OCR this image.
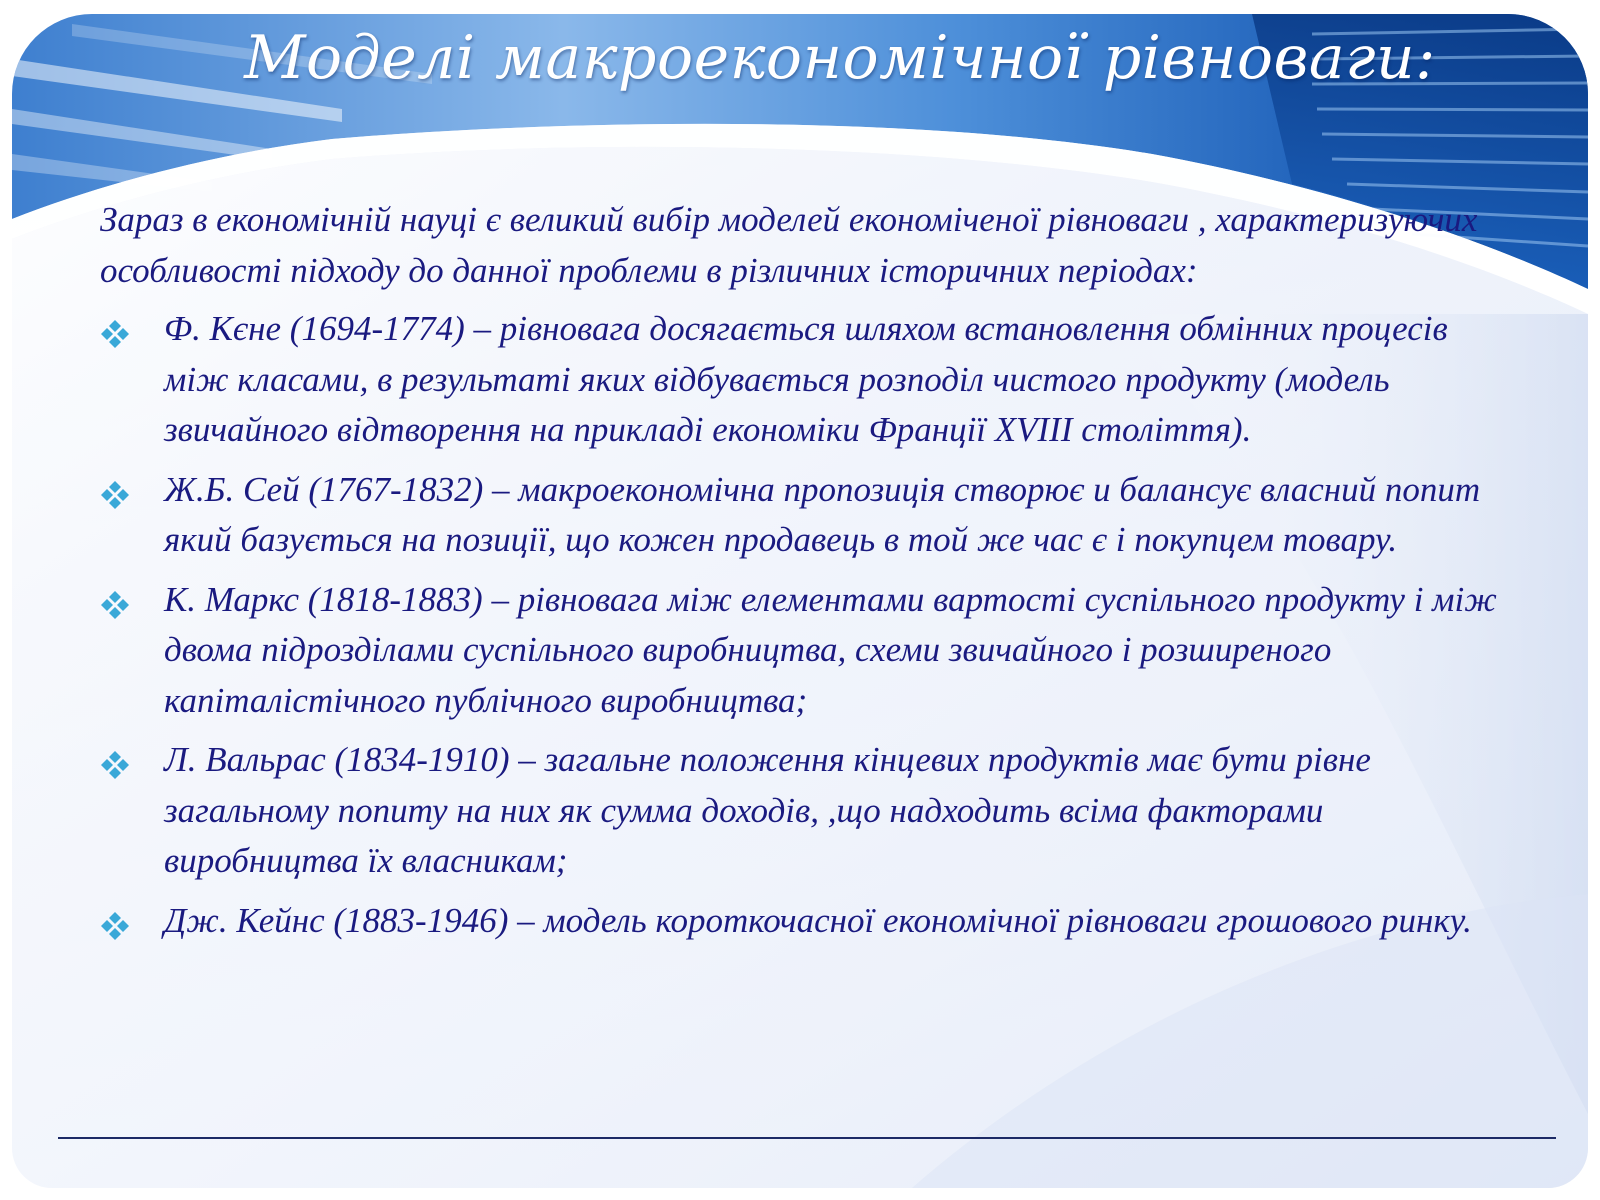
Моделі макроекономічної рівноваги:

Зараз в економічній науці є великий вибір моделей економіченої рівноваги , характеризуючих особливості підходу до данної проблеми в різличних історичних періодах:

Ф. Кєне (1694-1774) – рівновага досягається шляхом встановлення обмінних процесів між класами, в результаті яких відбувається розподіл чистого продукту (модель звичайного відтворення на прикладі економіки Франції XVIII століття).
Ж.Б. Сей (1767-1832) – макроекономічна пропозиція створює и балансує власний попит який базується на позиції, що кожен продавець в той же час є і покупцем товару.
К. Маркс (1818-1883) – рівновага між елементами вартості суспільного продукту і між двома підрозділами суспільного виробництва, схеми звичайного і розширеного капіталістічного публічного виробництва;
Л. Вальрас (1834-1910) – загальне положення кінцевих продуктів має бути рівне загальному попиту на них як сумма доходів, ,що надходить всіма факторами виробництва їх власникам;
Дж. Кейнс (1883-1946) – модель короткочасної економічної рівноваги грошового ринку.
